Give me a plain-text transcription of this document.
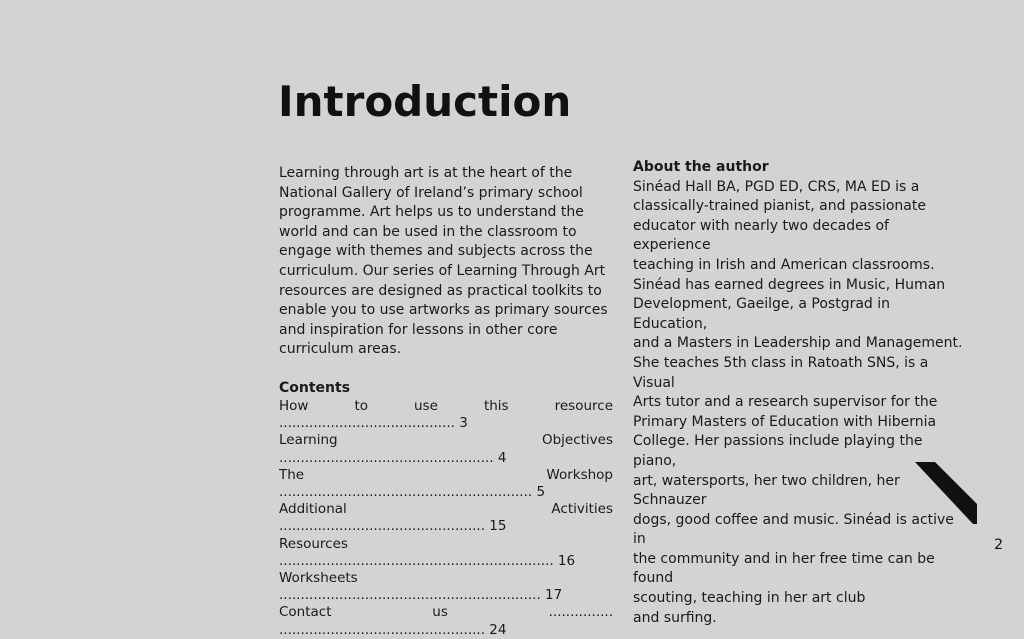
Introduction

Learning through art is at the heart of the National Gallery of Ireland’s primary school programme. Art helps us to understand the world and can be used in the classroom to engage with themes and subjects across the curriculum. Our series of Learning Through Art resources are designed as practical toolkits to enable you to use artworks as primary sources and inspiration for lessons in other core curriculum areas.

Contents

How to use this resource ......................................... 3
Learning Objectives .................................................. 4
The Workshop ........................................................... 5
Additional Activities ................................................ 15
Resources ................................................................ 16
Worksheets ............................................................. 17
Contact us ............... ................................................ 24

About the author

Sinéad Hall BA, PGD ED, CRS, MA ED is a
classically-trained pianist, and passionate
educator with nearly two decades of experience
teaching in Irish and American classrooms.
Sinéad has earned degrees in Music, Human
Development, Gaeilge, a Postgrad in Education,
and a Masters in Leadership and Management.
She teaches 5th class in Ratoath SNS, is a Visual
Arts tutor and a research supervisor for the
Primary Masters of Education with Hibernia
College. Her passions include playing the piano,
art, watersports, her two children, her Schnauzer
dogs, good coffee and music. Sinéad is active in
the community and in her free time can be found
scouting, teaching in her art club
and surfing.

2
